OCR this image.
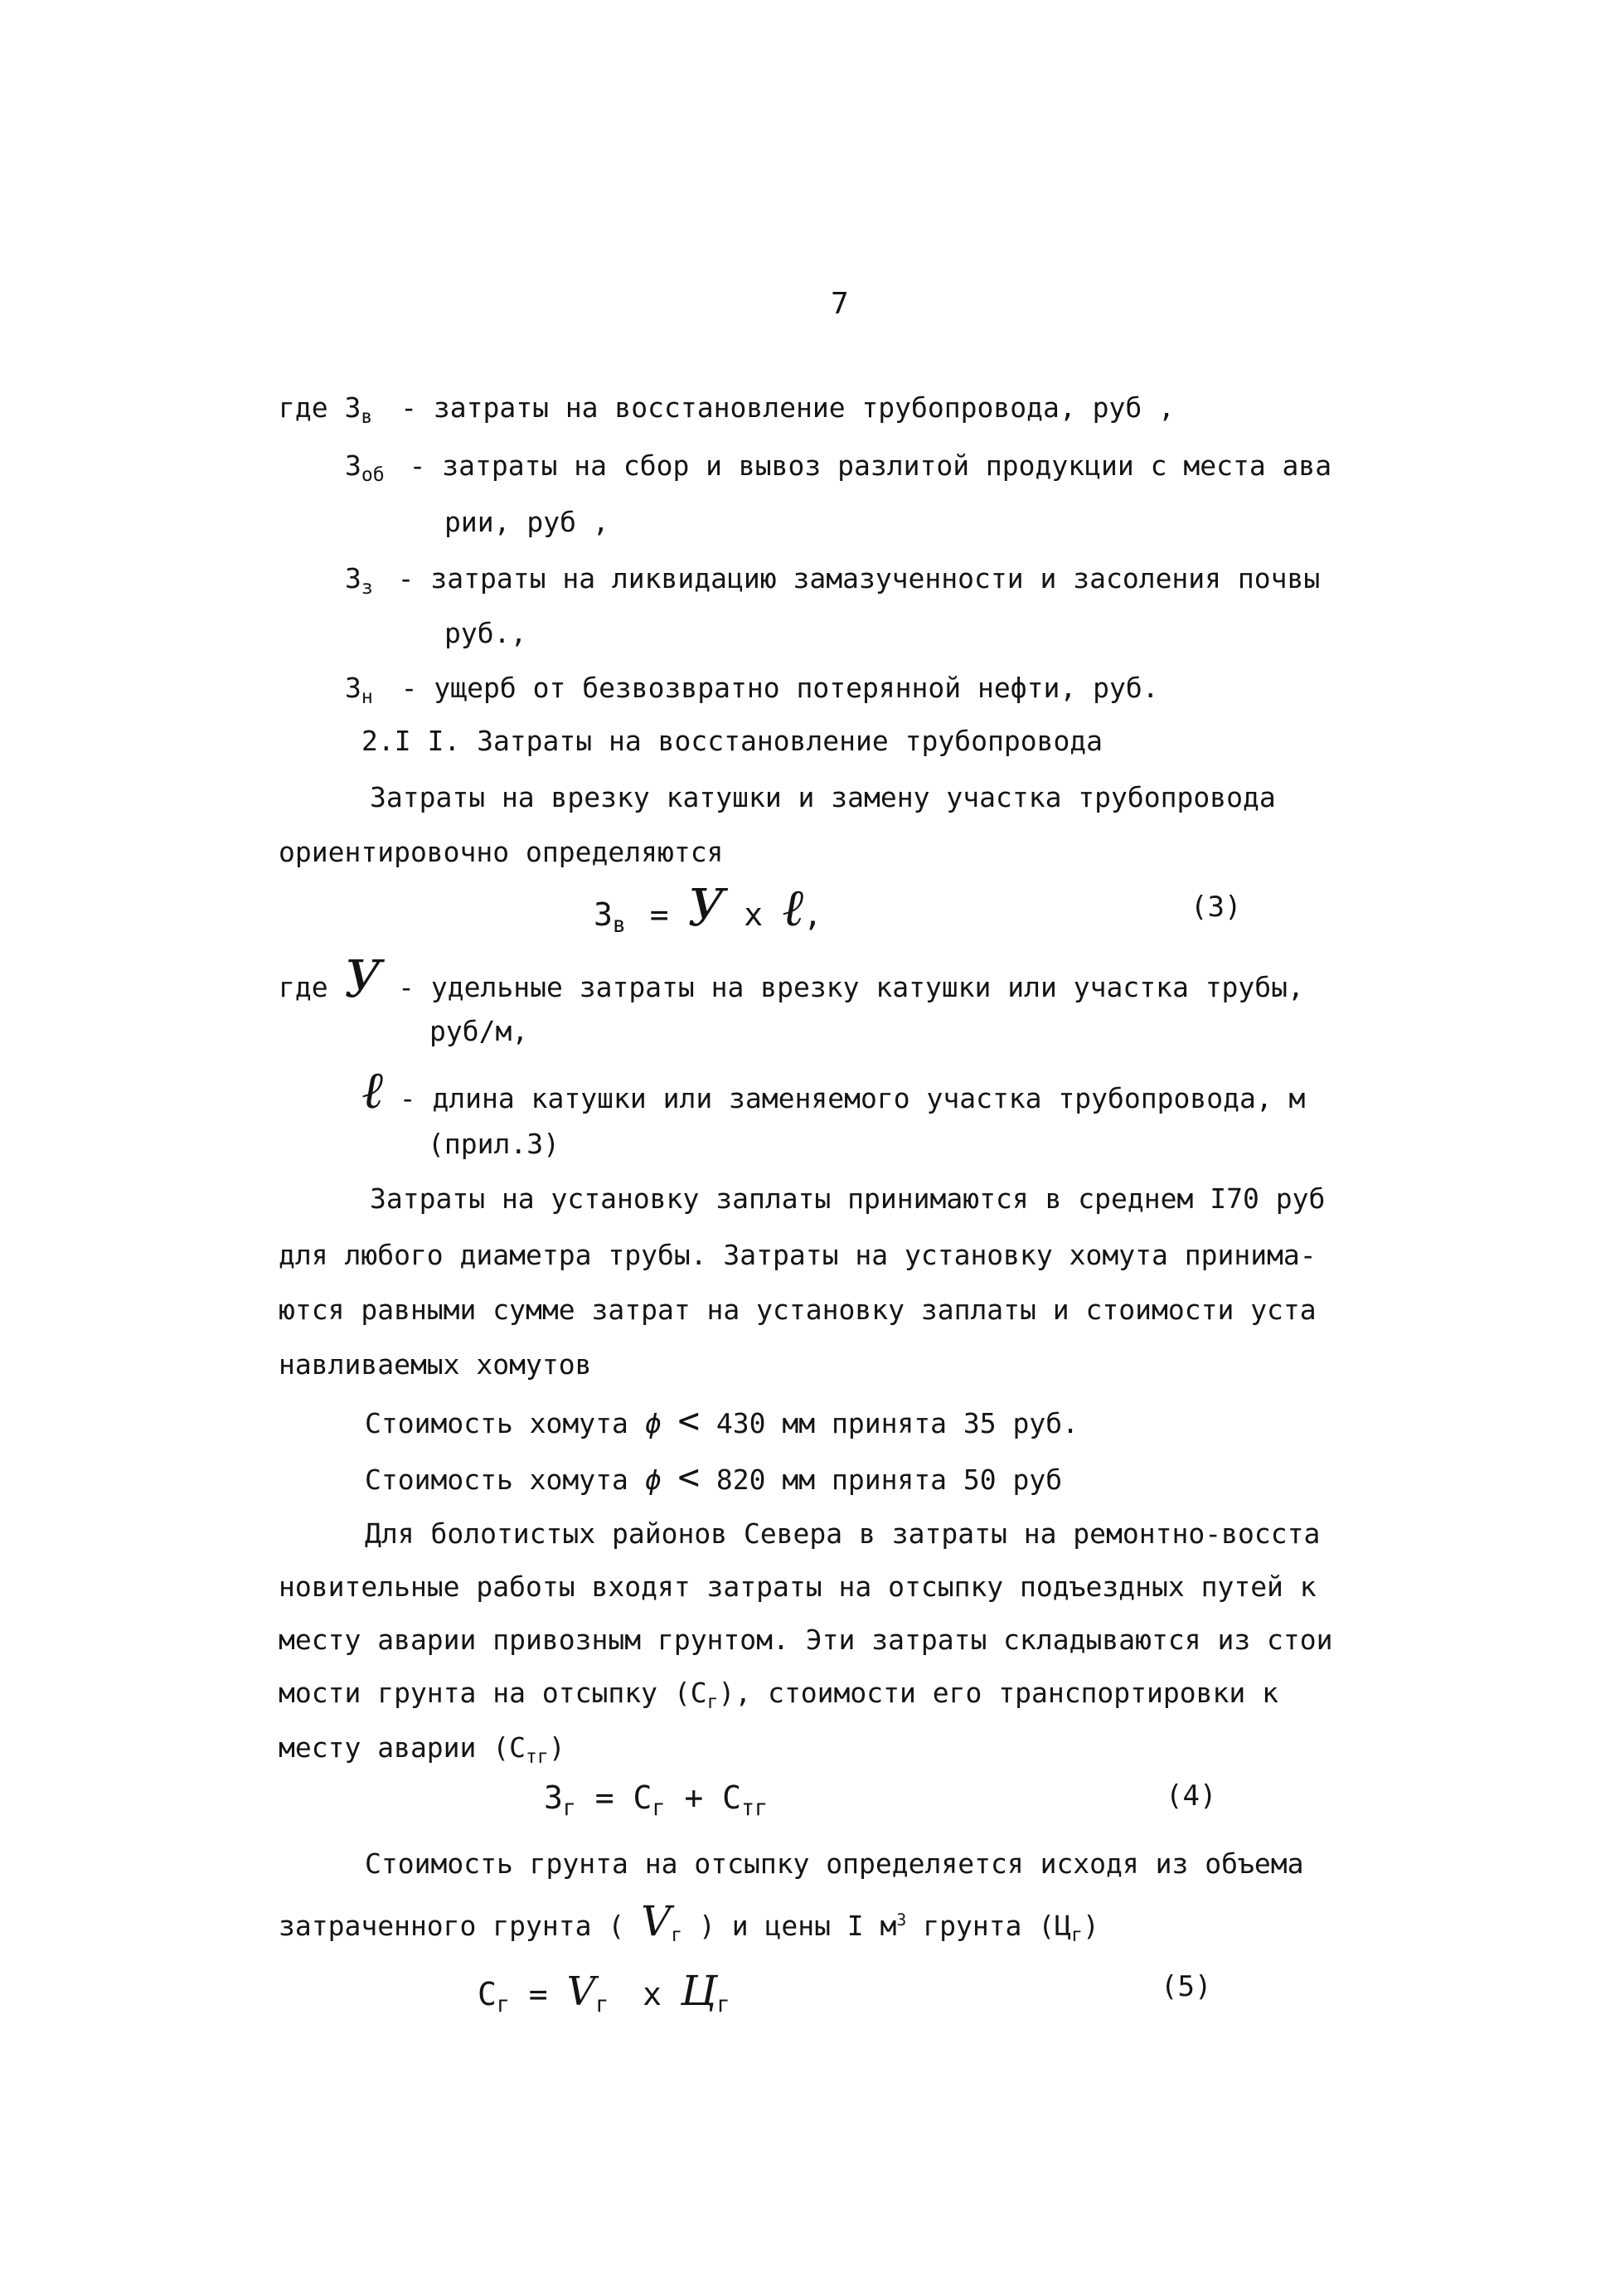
7
где $З_в$ - затраты на восстановление трубопровода, руб ,
$З_{об}$ - затраты на сбор и вывоз разлитой продукции с места ава
рии, руб ,
$З_з$ - затраты на ликвидацию замазученности и засоления почвы
руб.,
$З_н$ - ущерб от безвозвратно потерянной нефти, руб.
2.I I. Затраты на восстановление трубопровода
Затраты на врезку катушки и замену участка трубопровода
ориентировочно определяются
$З_в = У$ x ℓ,	(3)
где У - удельные затраты на врезку катушки или участка трубы,
руб/м,
ℓ - длина катушки или заменяемого участка трубопровода, м
(прил.3)
Затраты на установку заплаты принимаются в среднем I70 руб
для любого диаметра трубы. Затраты на установку хомута принима-
ются равными сумме затрат на установку заплаты и стоимости уста
навливаемых хомутов
Стоимость хомута ϕ < 430 мм принята 35 руб.
Стоимость хомута ϕ < 820 мм принята 50 руб
Для болотистых районов Севера в затраты на ремонтно-восста
новительные работы входят затраты на отсыпку подъездных путей к
месту аварии привозным грунтом. Эти затраты складываются из стои
мости грунта на отсыпку $(С_г)$, стоимости его транспортировки к
месту аварии $(С_{тг})$
$З_г = С_г + С_{тг}$	(4)
Стоимость грунта на отсыпку определяется исходя из объема
затраченного грунта ( $V_г$ ) и цены I $м^3$ грунта $(Ц_г)$
$С_г = V_г$ x $Ц_г$
(5)
